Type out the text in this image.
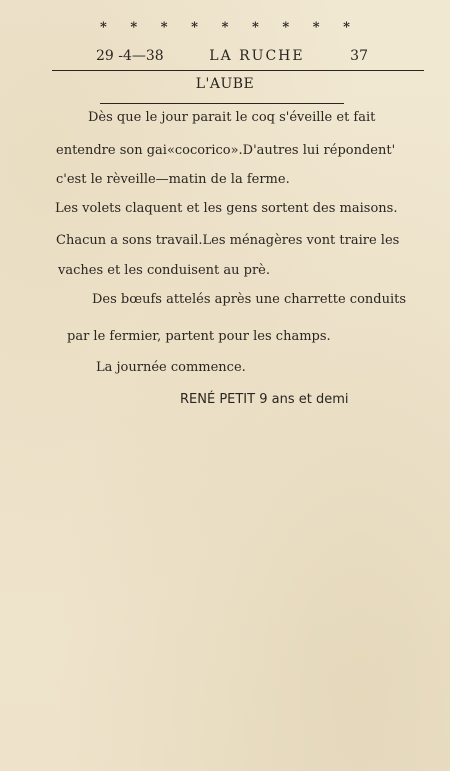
* * * * * * * * *
29 -4—38	LA RUCHE	37
L'AUBE
Dès que le jour parait le coq s'éveille et fait
entendre son gai«cocorico».D'autres lui répondent'
c'est le rèveille—matin de la ferme.
Les volets claquent et les gens sortent des maisons.
Chacun a sons travail.Les ménagères vont traire les
vaches et les conduisent au prè.
Des bœufs attelés après une charrette conduits
par le fermier, partent pour les champs.
La journée commence.
RENÉ PETIT 9 ans et demi
